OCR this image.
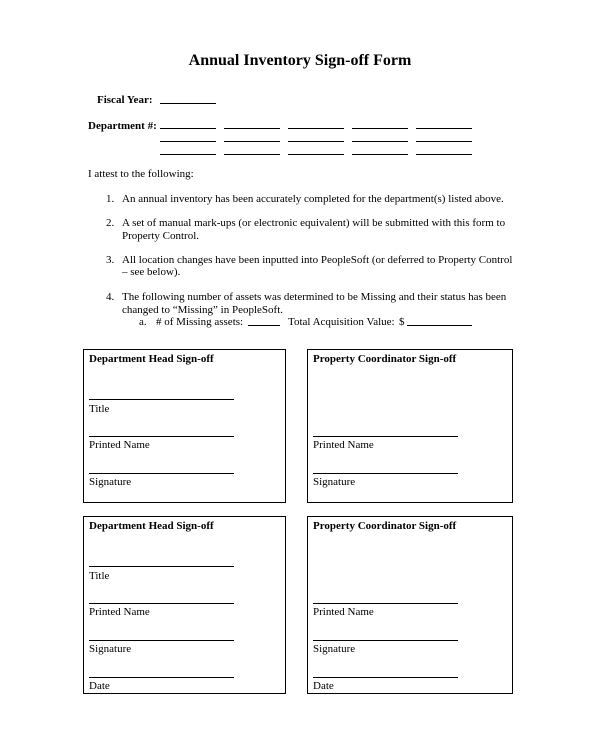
Annual Inventory Sign-off Form
Fiscal Year:
Department #:
I attest to the following:
1. An annual inventory has been accurately completed for the department(s) listed above.
2. A set of manual mark-ups (or electronic equivalent) will be submitted with this form to
Property Control.
3. All location changes have been inputted into PeopleSoft (or deferred to Property Control
– see below).
4. The following number of assets was determined to be Missing and their status has been
changed to “Missing” in PeopleSoft.
a. # of Missing assets:	Total Acquisition Value: $
Department Head Sign-off
Title
Printed Name
Signature
Property Coordinator Sign-off
Printed Name
Signature
Department Head Sign-off
Title
Printed Name
Signature
Date
Property Coordinator Sign-off
Printed Name
Signature
Date
